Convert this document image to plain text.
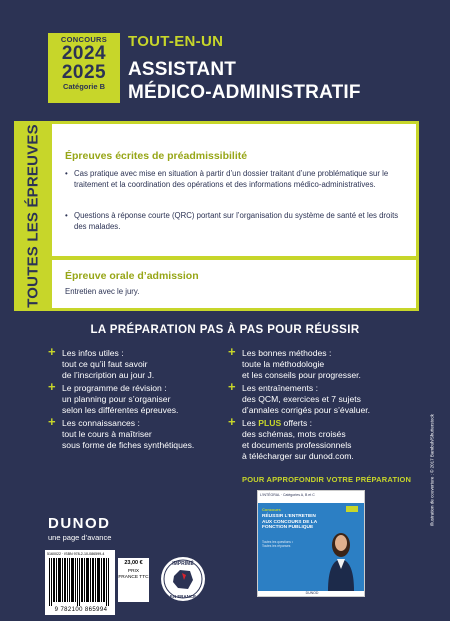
CONCOURS
2024
2025
Catégorie B
TOUT-EN-UN
ASSISTANT
MÉDICO-ADMINISTRATIF
TOUTES LES ÉPREUVES Épreuves écrites de préadmissibilité
• Cas pratique avec mise en situation à partir d’un dossier traitant d’une problématique sur le traitement et la coordination des opérations et des informations médico-administratives.
• Questions à réponse courte (QRC) portant sur l’organisation du système de santé et les droits des malades.
Épreuve orale d’admission
Entretien avec le jury.
LA PRÉPARATION PAS À PAS POUR RÉUSSIR
+ Les infos utiles :
tout ce qu’il faut savoir
de l’inscription au jour J.
+ Le programme de révision :
un planning pour s’organiser
selon les différentes épreuves.
+ Les connaissances :
tout le cours à maîtriser
sous forme de fiches synthétiques.
+ Les bonnes méthodes :
toute la méthodologie
et les conseils pour progresser.
+ Les entraînements :
des QCM, exercices et 7 sujets
d’annales corrigés pour s’évaluer.
+ Les PLUS offerts :
des schémas, mots croisés
et documents professionnels
à télécharger sur dunod.com.
POUR APPROFONDIR VOTRE PRÉPARATION
L’INTÉGRAL · Catégories A, B et C
Concours
RÉUSSIR L’ENTRETIEN AUX CONCOURS DE LA FONCTION PUBLIQUE
Toutes les questions • Toutes les réponses
DUNOD
DUNOD
une page d’avance
5160022 · ISBN 978-2-10-086599-4
9 782100 865994
23,00 €
PRIX FRANCE TTC
IMPRIMÉ
EN FRANCE
Illustration de couverture : © 2017 Bambuh/Shutterstock
